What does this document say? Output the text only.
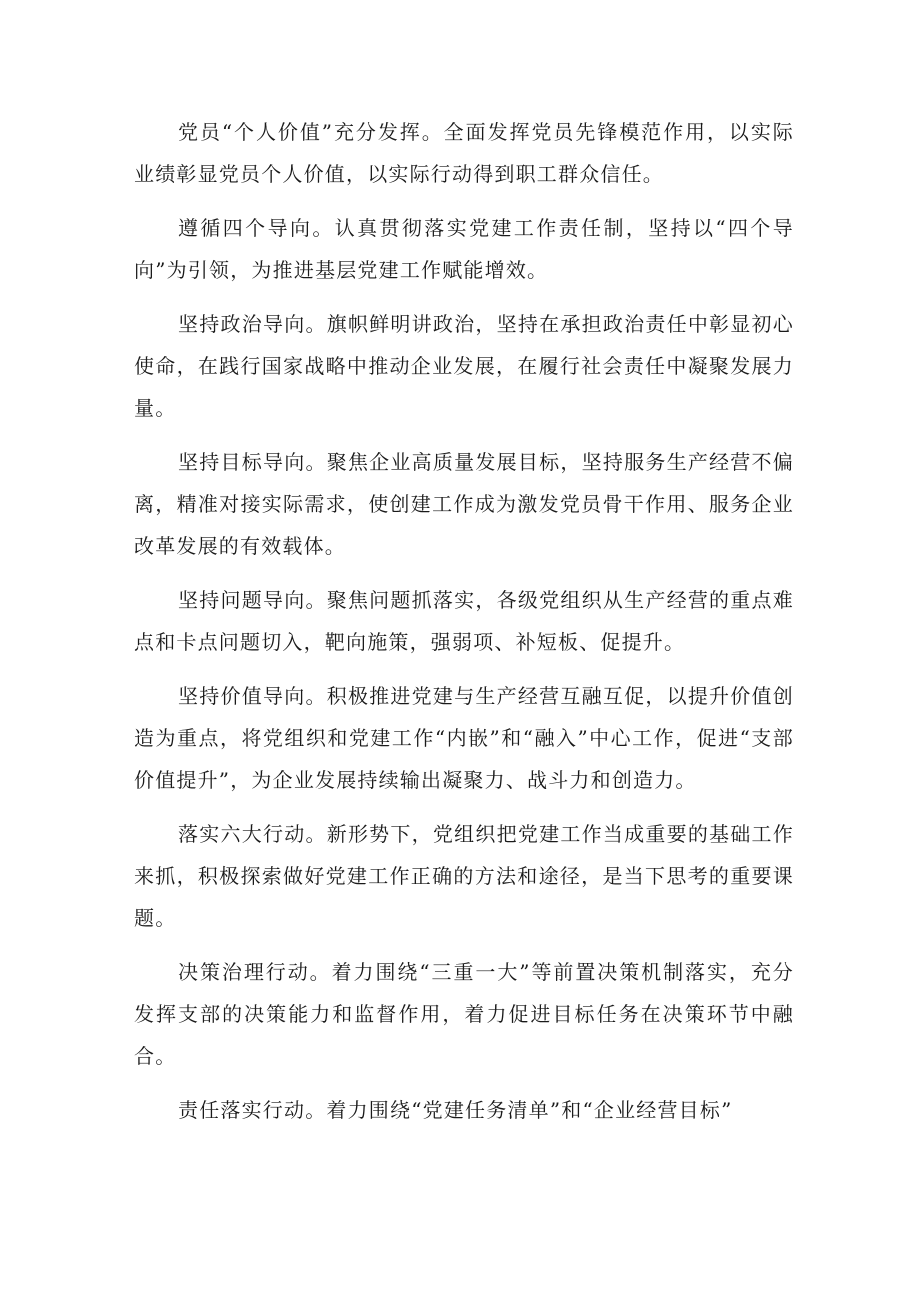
党员“个人价值”充分发挥。全面发挥党员先锋模范作用，以实际业绩彰显党员个人价值，以实际行动得到职工群众信任。

遵循四个导向。认真贯彻落实党建工作责任制，坚持以“四个导向”为引领，为推进基层党建工作赋能增效。

坚持政治导向。旗帜鲜明讲政治，坚持在承担政治责任中彰显初心使命，在践行国家战略中推动企业发展，在履行社会责任中凝聚发展力量。

坚持目标导向。聚焦企业高质量发展目标，坚持服务生产经营不偏离，精准对接实际需求，使创建工作成为激发党员骨干作用、服务企业改革发展的有效载体。

坚持问题导向。聚焦问题抓落实，各级党组织从生产经营的重点难点和卡点问题切入，靶向施策，强弱项、补短板、促提升。

坚持价值导向。积极推进党建与生产经营互融互促，以提升价值创造为重点，将党组织和党建工作“内嵌”和“融入”中心工作，促进“支部价值提升”，为企业发展持续输出凝聚力、战斗力和创造力。

落实六大行动。新形势下，党组织把党建工作当成重要的基础工作来抓，积极探索做好党建工作正确的方法和途径，是当下思考的重要课题。

决策治理行动。着力围绕“三重一大”等前置决策机制落实，充分发挥支部的决策能力和监督作用，着力促进目标任务在决策环节中融合。

责任落实行动。着力围绕“党建任务清单”和“企业经营目标”
